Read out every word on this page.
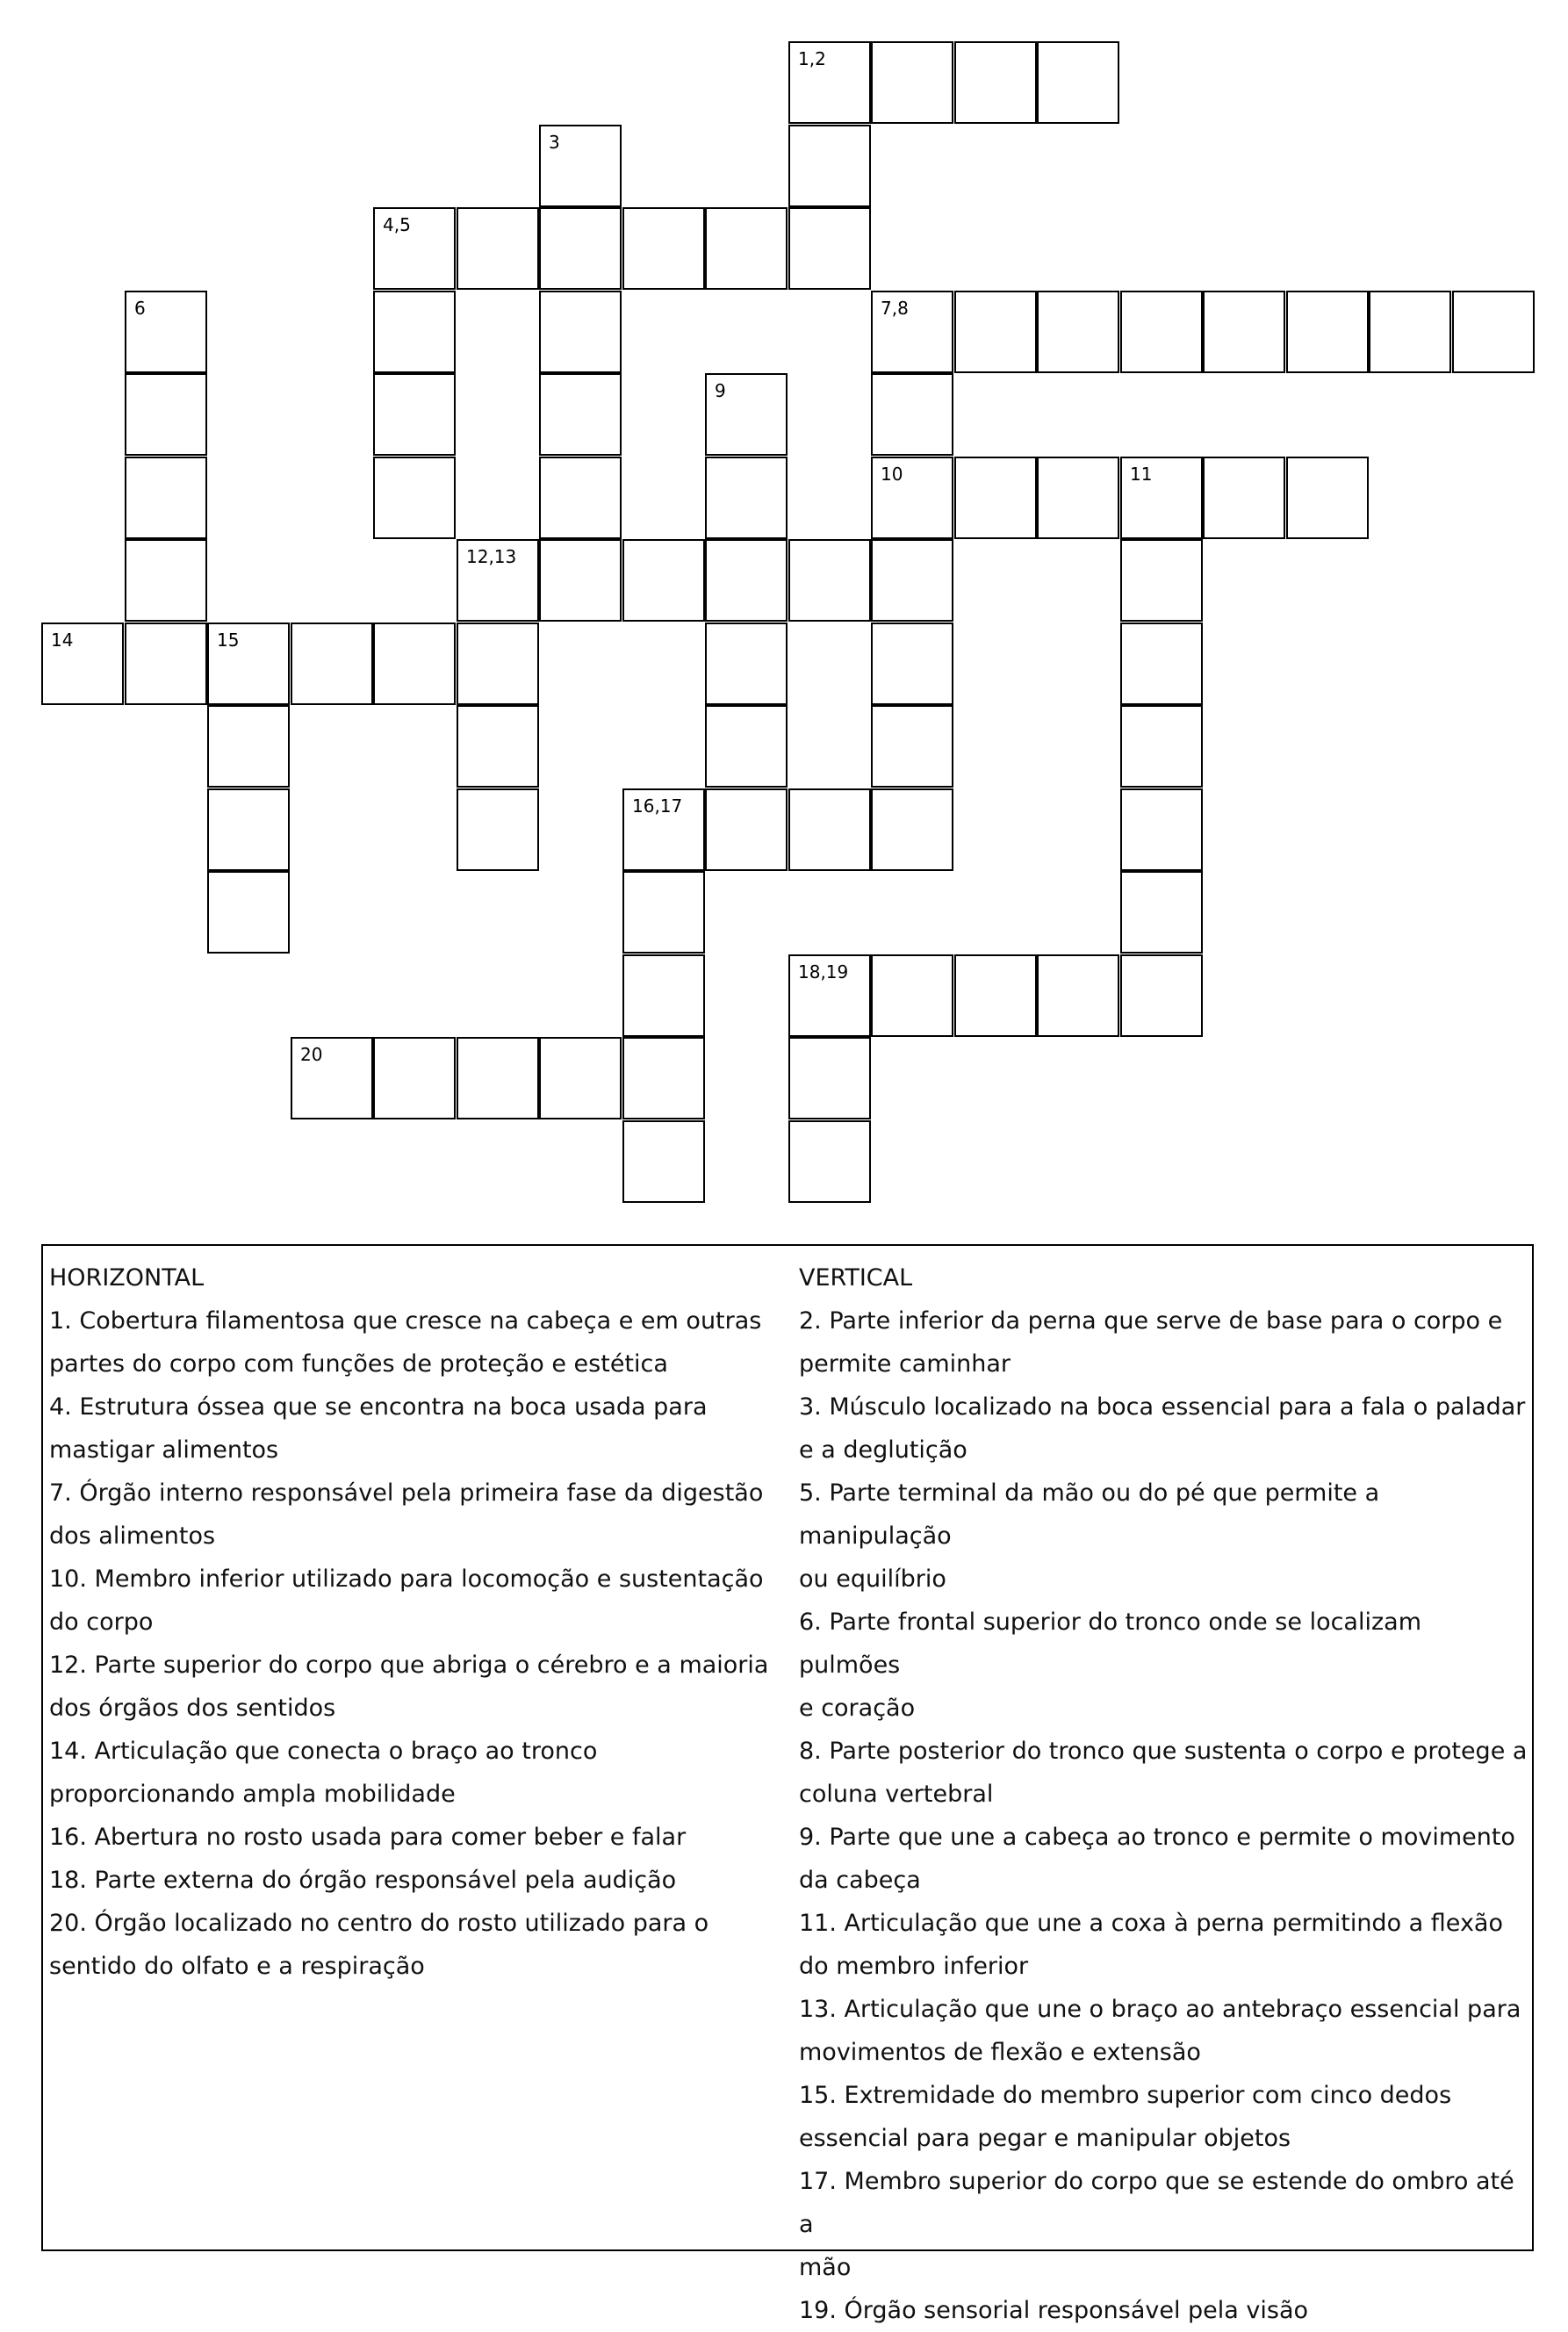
1,2
3
4,5
6	7,8
9
10	11
12,13
14	15
16,17
18,19
20
HORIZONTAL
1. Cobertura filamentosa que cresce na cabeça e em outras
partes do corpo com funções de proteção e estética
4. Estrutura óssea que se encontra na boca usada para
mastigar alimentos
7. Órgão interno responsável pela primeira fase da digestão
dos alimentos
10. Membro inferior utilizado para locomoção e sustentação
do corpo
12. Parte superior do corpo que abriga o cérebro e a maioria
dos órgãos dos sentidos
14. Articulação que conecta o braço ao tronco
proporcionando ampla mobilidade
16. Abertura no rosto usada para comer beber e falar
18. Parte externa do órgão responsável pela audição
20. Órgão localizado no centro do rosto utilizado para o
sentido do olfato e a respiração
VERTICAL
2. Parte inferior da perna que serve de base para o corpo e
permite caminhar
3. Músculo localizado na boca essencial para a fala o paladar
e a deglutição
5. Parte terminal da mão ou do pé que permite a manipulação
ou equilíbrio
6. Parte frontal superior do tronco onde se localizam pulmões
e coração
8. Parte posterior do tronco que sustenta o corpo e protege a
coluna vertebral
9. Parte que une a cabeça ao tronco e permite o movimento
da cabeça
11. Articulação que une a coxa à perna permitindo a flexão
do membro inferior
13. Articulação que une o braço ao antebraço essencial para
movimentos de flexão e extensão
15. Extremidade do membro superior com cinco dedos
essencial para pegar e manipular objetos
17. Membro superior do corpo que se estende do ombro até a
mão
19. Órgão sensorial responsável pela visão
